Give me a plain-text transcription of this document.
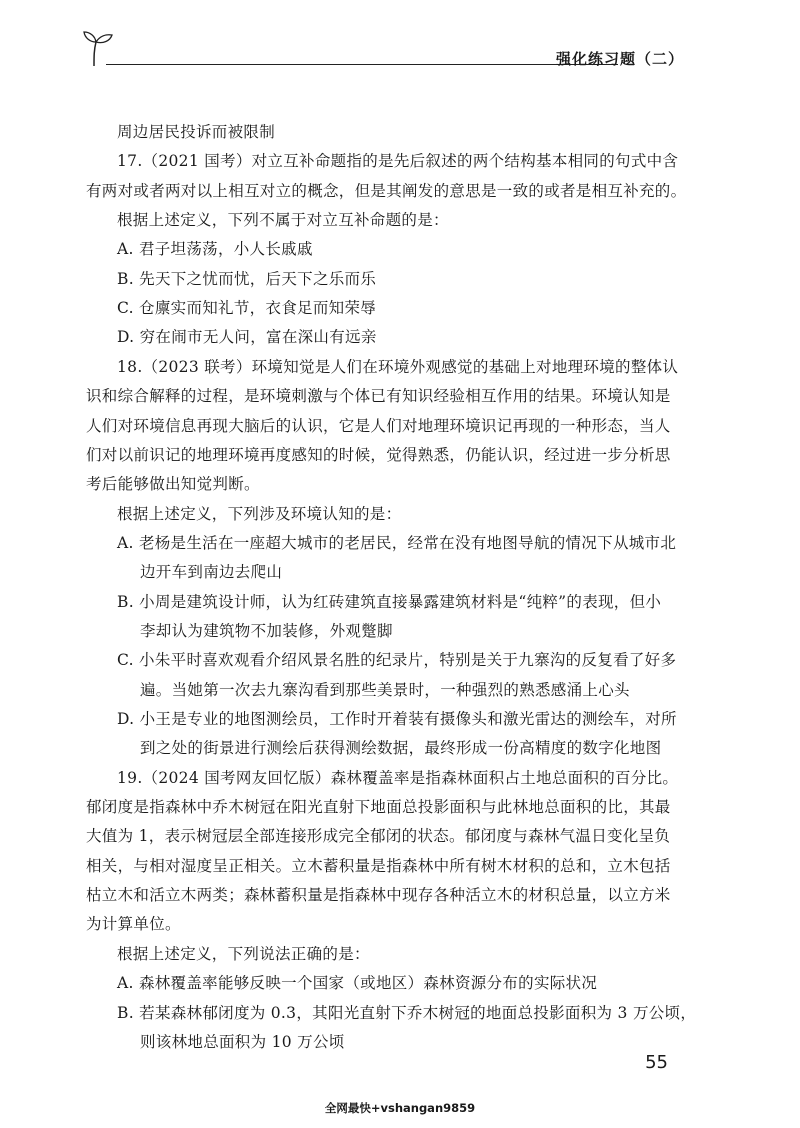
强化练习题（二）
周边居民投诉而被限制
17.（2021 国考）对立互补命题指的是先后叙述的两个结构基本相同的句式中含
有两对或者两对以上相互对立的概念，但是其阐发的意思是一致的或者是相互补充的。
根据上述定义，下列不属于对立互补命题的是：
A. 君子坦荡荡，小人长戚戚
B. 先天下之忧而忧，后天下之乐而乐
C. 仓廪实而知礼节，衣食足而知荣辱
D. 穷在闹市无人问，富在深山有远亲
18.（2023 联考）环境知觉是人们在环境外观感觉的基础上对地理环境的整体认
识和综合解释的过程，是环境刺激与个体已有知识经验相互作用的结果。环境认知是
人们对环境信息再现大脑后的认识，它是人们对地理环境识记再现的一种形态，当人
们对以前识记的地理环境再度感知的时候，觉得熟悉，仍能认识，经过进一步分析思
考后能够做出知觉判断。
根据上述定义，下列涉及环境认知的是：
A. 老杨是生活在一座超大城市的老居民，经常在没有地图导航的情况下从城市北
边开车到南边去爬山
B. 小周是建筑设计师，认为红砖建筑直接暴露建筑材料是“纯粹”的表现，但小
李却认为建筑物不加装修，外观蹩脚
C. 小朱平时喜欢观看介绍风景名胜的纪录片，特别是关于九寨沟的反复看了好多
遍。当她第一次去九寨沟看到那些美景时，一种强烈的熟悉感涌上心头
D. 小王是专业的地图测绘员，工作时开着装有摄像头和激光雷达的测绘车，对所
到之处的街景进行测绘后获得测绘数据，最终形成一份高精度的数字化地图
19.（2024 国考网友回忆版）森林覆盖率是指森林面积占土地总面积的百分比。
郁闭度是指森林中乔木树冠在阳光直射下地面总投影面积与此林地总面积的比，其最
大值为 1，表示树冠层全部连接形成完全郁闭的状态。郁闭度与森林气温日变化呈负
相关，与相对湿度呈正相关。立木蓄积量是指森林中所有树木材积的总和，立木包括
枯立木和活立木两类；森林蓄积量是指森林中现存各种活立木的材积总量，以立方米
为计算单位。
根据上述定义，下列说法正确的是：
A. 森林覆盖率能够反映一个国家（或地区）森林资源分布的实际状况
B. 若某森林郁闭度为 0.3，其阳光直射下乔木树冠的地面总投影面积为 3 万公顷，
则该林地总面积为 10 万公顷
55
全网最快+vshangan9859
